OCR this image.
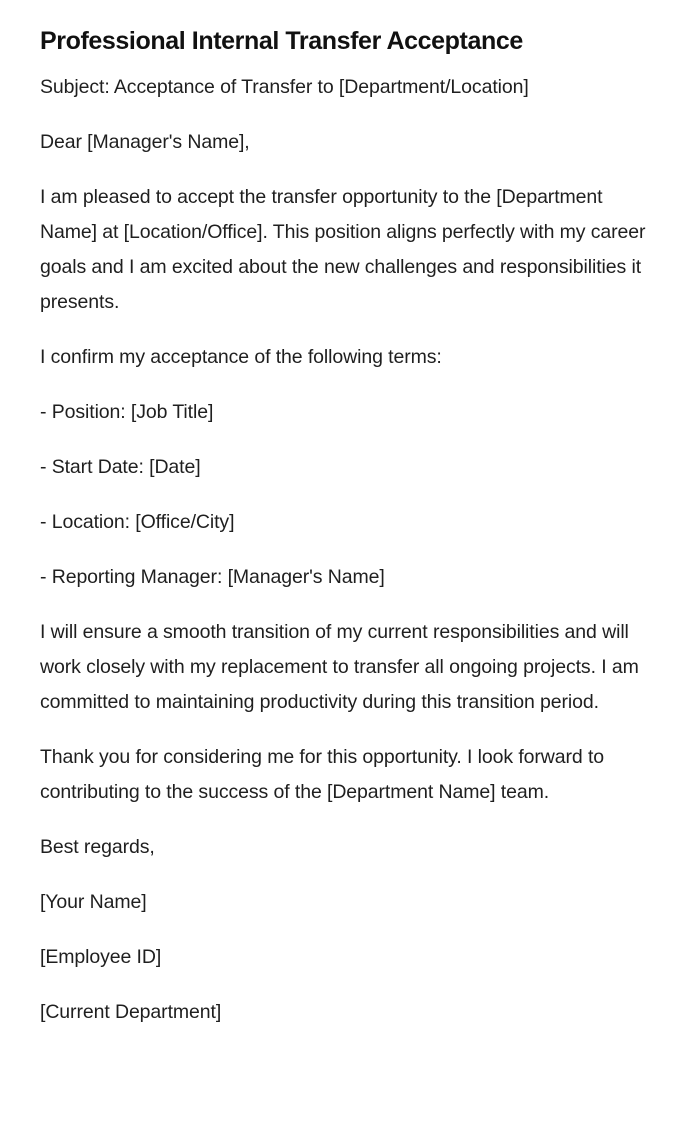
Professional Internal Transfer Acceptance

Subject: Acceptance of Transfer to [Department/Location]

Dear [Manager's Name],

I am pleased to accept the transfer opportunity to the [Department Name] at [Location/Office]. This position aligns perfectly with my career goals and I am excited about the new challenges and responsibilities it presents.

I confirm my acceptance of the following terms:

- Position: [Job Title]

- Start Date: [Date]

- Location: [Office/City]

- Reporting Manager: [Manager's Name]

I will ensure a smooth transition of my current responsibilities and will work closely with my replacement to transfer all ongoing projects. I am committed to maintaining productivity during this transition period.

Thank you for considering me for this opportunity. I look forward to contributing to the success of the [Department Name] team.

Best regards,

[Your Name]

[Employee ID]

[Current Department]
